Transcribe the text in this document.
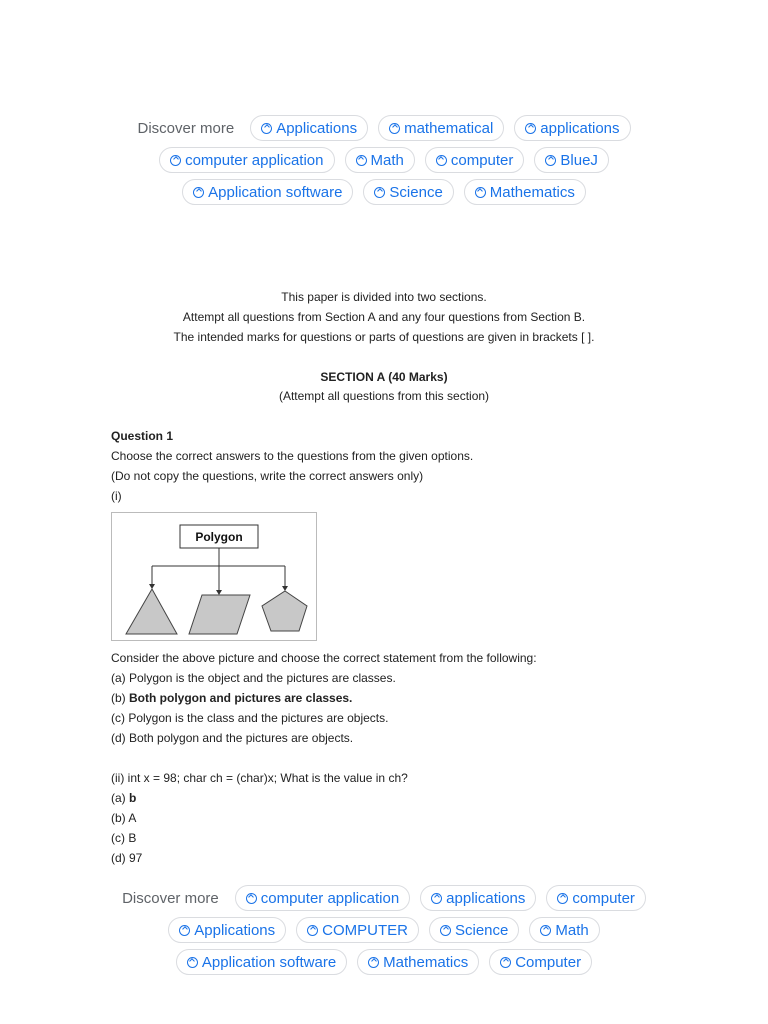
Discover more	Applications	mathematical	applications
computer application	Math	computer	BlueJ
Application software	Science	Mathematics
This paper is divided into two sections.
Attempt all questions from Section A and any four questions from Section B.
The intended marks for questions or parts of questions are given in brackets [ ].
SECTION A (40 Marks)
(Attempt all questions from this section)
Question 1
Choose the correct answers to the questions from the given options.
(Do not copy the questions, write the correct answers only)
(i)
Polygon
Consider the above picture and choose the correct statement from the following:
(a) Polygon is the object and the pictures are classes.
(b) Both polygon and pictures are classes.
(c) Polygon is the class and the pictures are objects.
(d) Both polygon and the pictures are objects.
(ii) int x = 98; char ch = (char)x; What is the value in ch?
(a) b
(b) A
(c) B
(d) 97
Discover more	computer application	applications	computer
Applications	COMPUTER	Science	Math
Application software	Mathematics	Computer
